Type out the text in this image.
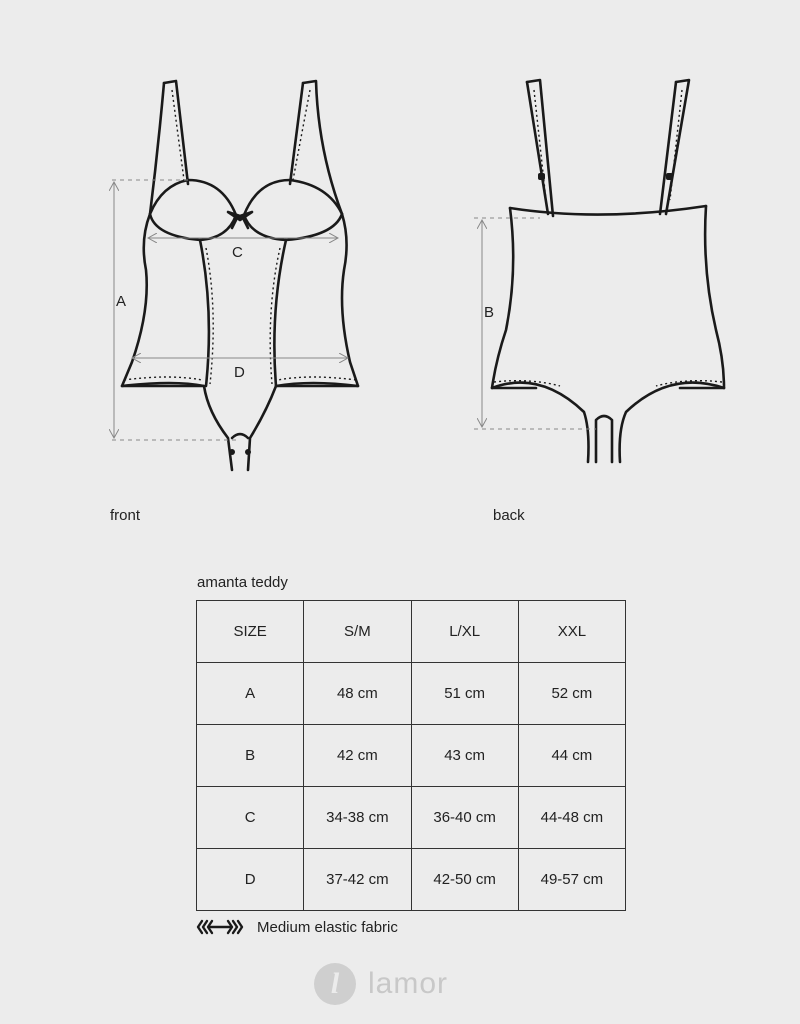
A
C
D
B
front	back
amanta teddy
SIZE	S/M	L/XL	XXL
A	48 cm	51 cm	52 cm
B	42 cm	43 cm	44 cm
C	34-38 cm	36-40 cm	44-48 cm
D	37-42 cm	42-50 cm	49-57 cm
Medium elastic fabric
l lamor
